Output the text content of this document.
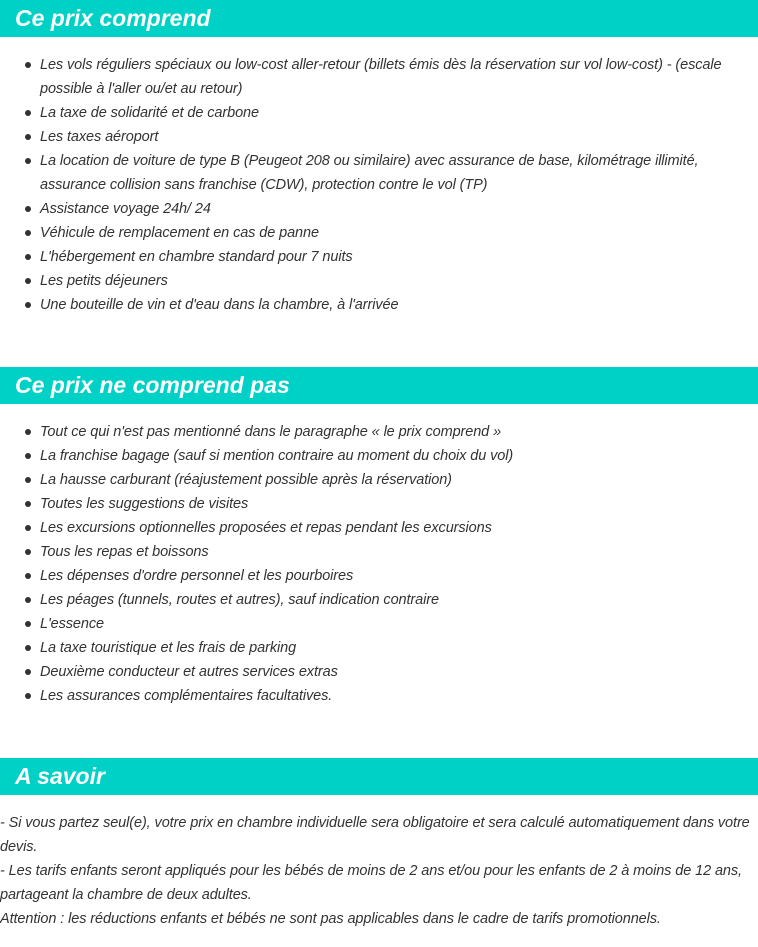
Ce prix comprend
Les vols réguliers spéciaux ou low-cost aller-retour (billets émis dès la réservation sur vol low-cost) - (escale possible à l'aller ou/et au retour)
La taxe de solidarité et de carbone
Les taxes aéroport
La location de voiture de type B (Peugeot 208 ou similaire) avec assurance de base, kilométrage illimité, assurance collision sans franchise (CDW), protection contre le vol (TP)
Assistance voyage 24h/ 24
Véhicule de remplacement en cas de panne
L'hébergement en chambre standard pour 7 nuits
Les petits déjeuners
Une bouteille de vin et d'eau dans la chambre, à l'arrivée
Ce prix ne comprend pas
Tout ce qui n'est pas mentionné dans le paragraphe « le prix comprend »
La franchise bagage (sauf si mention contraire au moment du choix du vol)
La hausse carburant (réajustement possible après la réservation)
Toutes les suggestions de visites
Les excursions optionnelles proposées et repas pendant les excursions
Tous les repas et boissons
Les dépenses d'ordre personnel et les pourboires
Les péages (tunnels, routes et autres), sauf indication contraire
L'essence
La taxe touristique et les frais de parking
Deuxième conducteur et autres services extras
Les assurances complémentaires facultatives.
A savoir

- Si vous partez seul(e), votre prix en chambre individuelle sera obligatoire et sera calculé automatiquement dans votre devis.

- Les tarifs enfants seront appliqués pour les bébés de moins de 2 ans et/ou pour les enfants de 2 à moins de 12 ans, partageant la chambre de deux adultes.

Attention : les réductions enfants et bébés ne sont pas applicables dans le cadre de tarifs promotionnels.
